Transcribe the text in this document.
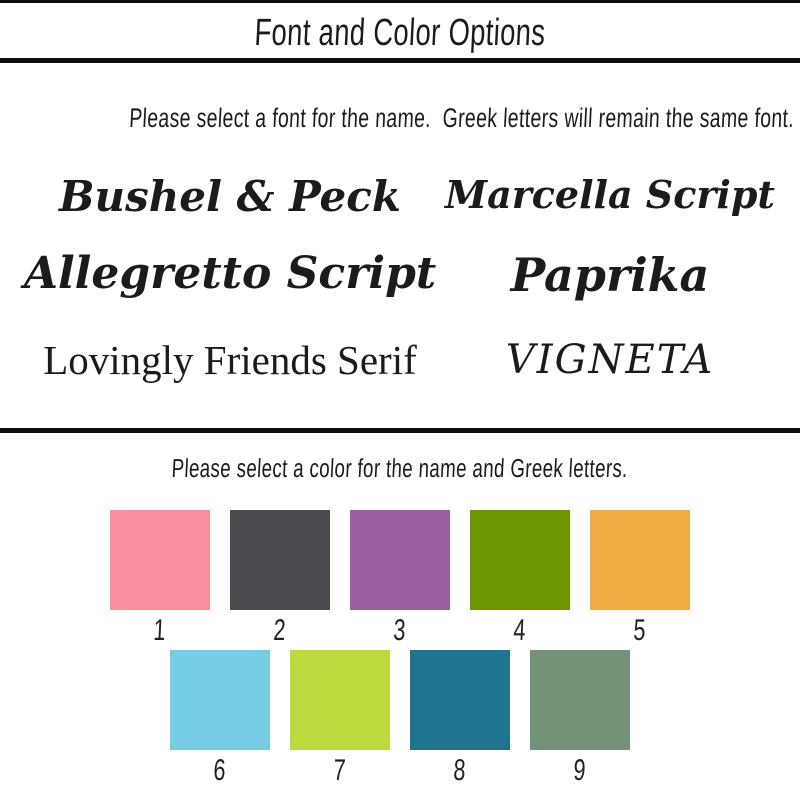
Font and Color Options
Please select a font for the name.  Greek letters will remain the same font.
Bushel & Peck
Allegretto Script
Lovingly Friends Serif
Marcella Script
Paprika
VIGNETA
Please select a color for the name and Greek letters.
1	2	3	4	5
6	7	8	9
